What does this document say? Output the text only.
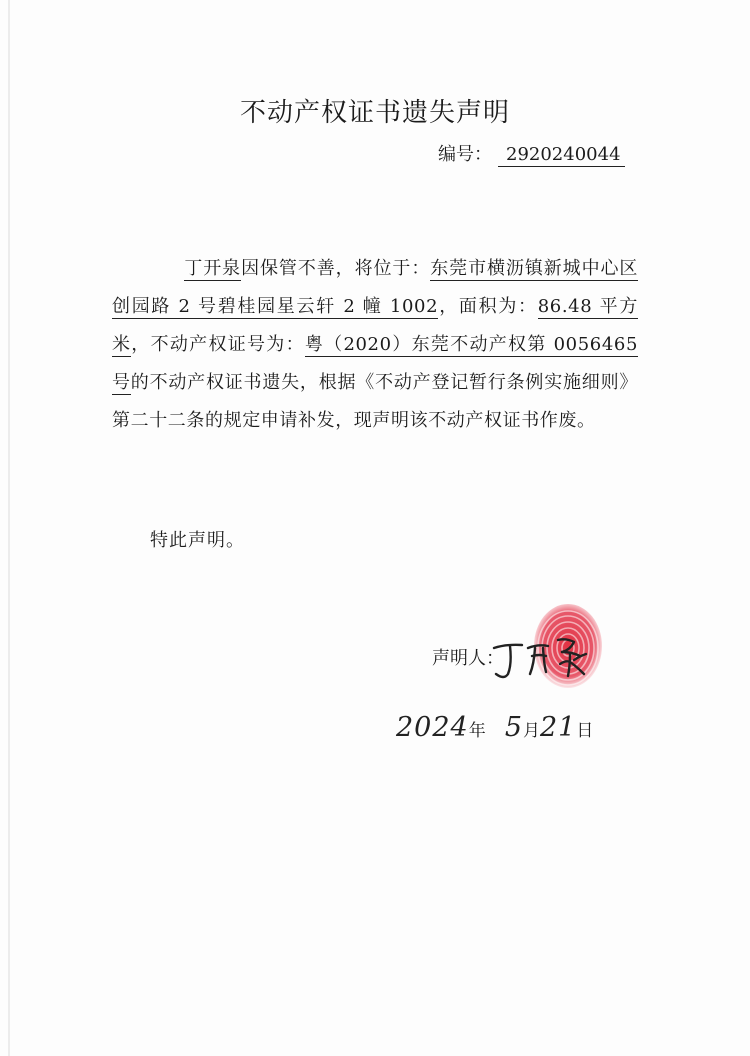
不动产权证书遗失声明
编号： 2920240044
丁开泉因保管不善，将位于：东莞市横沥镇新城中心区创园路 2 号碧桂园星云轩 2 幢 1002，面积为：86.48 平方米，不动产权证号为：粤（2020）东莞不动产权第 0056465号的不动产权证书遗失，根据《不动产登记暂行条例实施细则》第二十二条的规定申请补发，现声明该不动产权证书作废。
特此声明。
声明人：
2024年 5月21日
